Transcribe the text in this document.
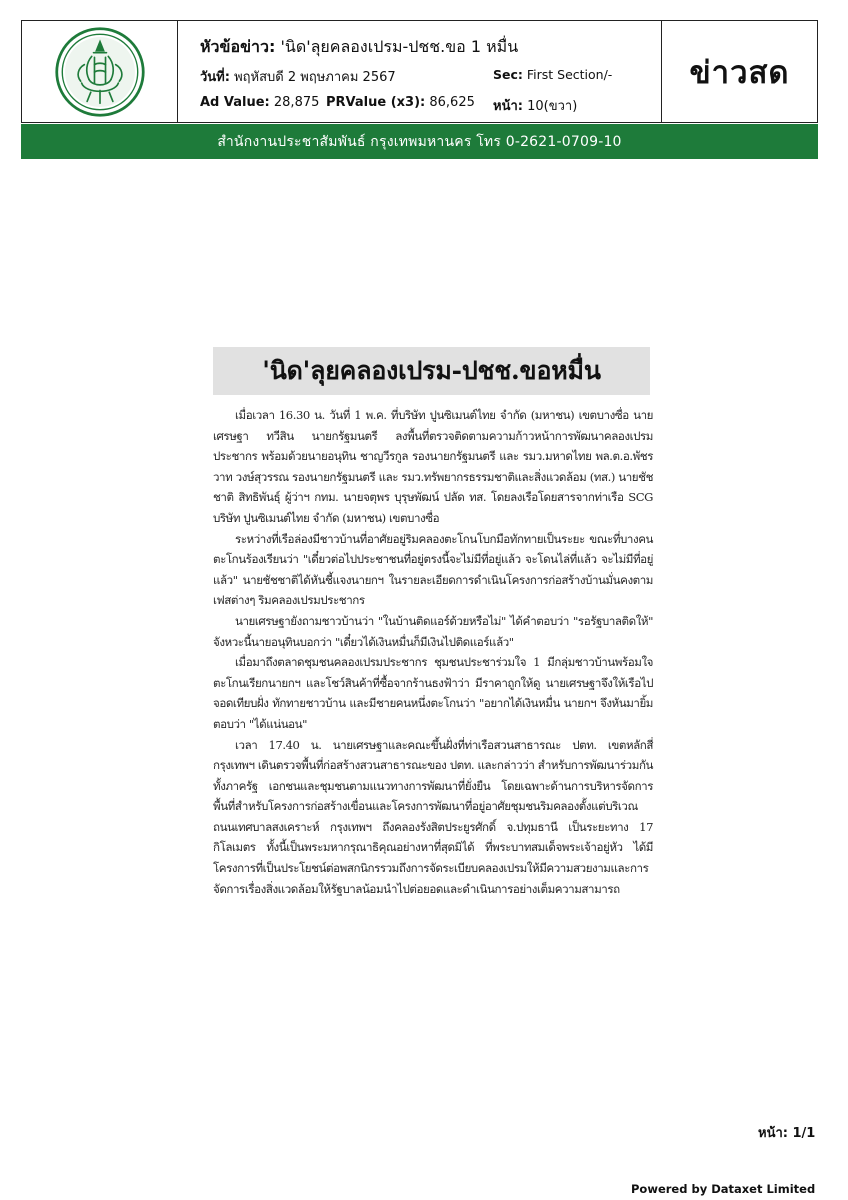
หัวข้อข่าว: 'นิด'ลุยคลองเปรม-ปชช.ขอ 1 หมื่น
วันที่: พฤหัสบดี 2 พฤษภาคม 2567	Sec: First Section/-
Ad Value: 28,875 PRValue (x3): 86,625 หน้า: 10(ขวา)
ข่าวสด
สำนักงานประชาสัมพันธ์ กรุงเทพมหานคร โทร 0-2621-0709-10
'นิด'ลุยคลองเปรม-ปชช.ขอหมื่น

เมื่อเวลา 16.30 น. วันที่ 1 พ.ค. ที่บริษัท ปูนซิเมนต์ไทย จำกัด (มหาชน) เขตบางซื่อ นายเศรษฐา ทวีสิน นายกรัฐมนตรี ลงพื้นที่ตรวจติดตามความก้าวหน้าการพัฒนาคลองเปรมประชากร พร้อมด้วยนายอนุทิน ชาญวีรกูล รองนายกรัฐมนตรี และ รมว.มหาดไทย พล.ต.อ.พัชรวาท วงษ์สุวรรณ รองนายกรัฐมนตรี และ รมว.ทรัพยากรธรรมชาติและสิ่งแวดล้อม (ทส.) นายชัชชาติ สิทธิพันธุ์ ผู้ว่าฯ กทม. นายจตุพร บุรุษพัฒน์ ปลัด ทส. โดยลงเรือโดยสารจากท่าเรือ SCG บริษัท ปูนซิเมนต์ไทย จำกัด (มหาชน) เขตบางซื่อ

ระหว่างที่เรือล่องมีชาวบ้านที่อาศัยอยู่ริมคลองตะโกนโบกมือทักทายเป็นระยะ ขณะที่บางคนตะโกนร้องเรียนว่า "เดี๋ยวต่อไปประชาชนที่อยู่ตรงนี้จะไม่มีที่อยู่แล้ว จะโดนไล่ที่แล้ว จะไม่มีที่อยู่แล้ว" นายชัชชาติได้หันชี้แจงนายกฯ ในรายละเอียดการดำเนินโครงการก่อสร้างบ้านมั่นคงตามเฟสต่างๆ ริมคลองเปรมประชากร

นายเศรษฐายังถามชาวบ้านว่า "ในบ้านติดแอร์ด้วยหรือไม่" ได้คำตอบว่า "รอรัฐบาลติดให้" จังหวะนี้นายอนุทินบอกว่า "เดี๋ยวได้เงินหมื่นก็มีเงินไปติดแอร์แล้ว"

เมื่อมาถึงตลาดชุมชนคลองเปรมประชากร ชุมชนประชาร่วมใจ 1 มีกลุ่มชาวบ้านพร้อมใจตะโกนเรียกนายกฯ และโชว์สินค้าที่ซื้อจากร้านธงฟ้าว่า มีราคาถูกให้ดู นายเศรษฐาจึงให้เรือไปจอดเทียบฝั่ง ทักทายชาวบ้าน และมีชายคนหนึ่งตะโกนว่า "อยากได้เงินหมื่น นายกฯ จึงหันมายิ้มตอบว่า "ได้แน่นอน"

เวลา 17.40 น. นายเศรษฐาและคณะขึ้นฝั่งที่ท่าเรือสวนสาธารณะ ปตท. เขตหลักสี่ กรุงเทพฯ เดินตรวจพื้นที่ก่อสร้างสวนสาธารณะของ ปตท. และกล่าวว่า สำหรับการพัฒนาร่วมกันทั้งภาครัฐ เอกชนและชุมชนตามแนวทางการพัฒนาที่ยั่งยืน โดยเฉพาะด้านการบริหารจัดการพื้นที่สำหรับโครงการก่อสร้างเขื่อนและโครงการพัฒนาที่อยู่อาศัยชุมชนริมคลองตั้งแต่บริเวณถนนเทศบาลสงเคราะห์ กรุงเทพฯ ถึงคลองรังสิตประยูรศักดิ์ จ.ปทุมธานี เป็นระยะทาง 17 กิโลเมตร ทั้งนี้เป็นพระมหากรุณาธิคุณอย่างหาที่สุดมิได้ ที่พระบาทสมเด็จพระเจ้าอยู่หัว ได้มีโครงการที่เป็นประโยชน์ต่อพสกนิกรรวมถึงการจัดระเบียบคลองเปรมให้มีความสวยงามและการจัดการเรื่องสิ่งแวดล้อมให้รัฐบาลน้อมนำไปต่อยอดและดำเนินการอย่างเต็มความสามารถ

หน้า: 1/1
Powered by Dataxet Limited
